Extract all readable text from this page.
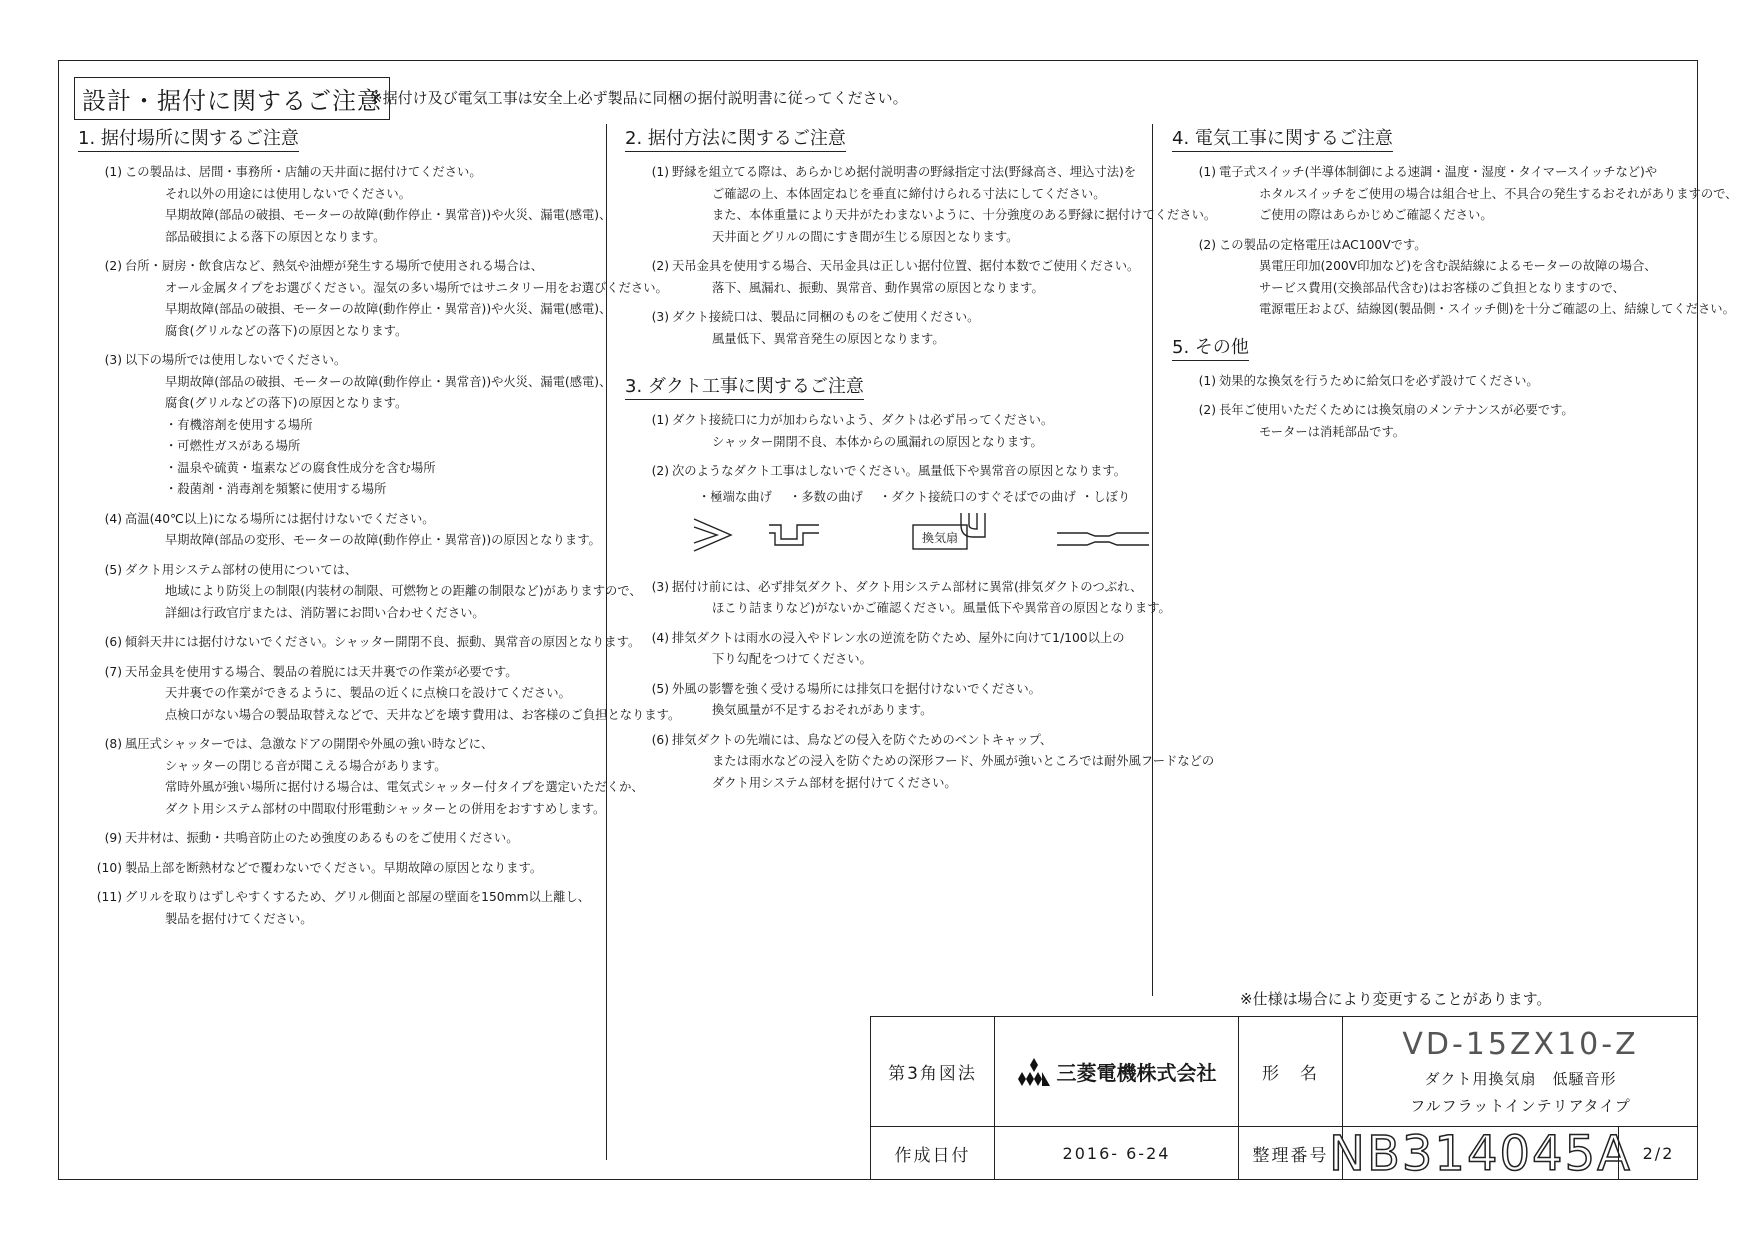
設計・据付に関するご注意
※据付け及び電気工事は安全上必ず製品に同梱の据付説明書に従ってください。
1. 据付場所に関するご注意
(1) この製品は、居間・事務所・店舗の天井面に据付けてください。
それ以外の用途には使用しないでください。
早期故障(部品の破損、モーターの故障(動作停止・異常音))や火災、漏電(感電)、
部品破損による落下の原因となります。
(2) 台所・厨房・飲食店など、熱気や油煙が発生する場所で使用される場合は、
オール金属タイプをお選びください。湿気の多い場所ではサニタリー用をお選びください。
早期故障(部品の破損、モーターの故障(動作停止・異常音))や火災、漏電(感電)、
腐食(グリルなどの落下)の原因となります。
(3) 以下の場所では使用しないでください。
早期故障(部品の破損、モーターの故障(動作停止・異常音))や火災、漏電(感電)、
腐食(グリルなどの落下)の原因となります。
・有機溶剤を使用する場所
・可燃性ガスがある場所
・温泉や硫黄・塩素などの腐食性成分を含む場所
・殺菌剤・消毒剤を頻繁に使用する場所
(4) 高温(40℃以上)になる場所には据付けないでください。
早期故障(部品の変形、モーターの故障(動作停止・異常音))の原因となります。
(5) ダクト用システム部材の使用については、
地域により防災上の制限(内装材の制限、可燃物との距離の制限など)がありますので、
詳細は行政官庁または、消防署にお問い合わせください。
(6) 傾斜天井には据付けないでください。シャッター開閉不良、振動、異常音の原因となります。
(7) 天吊金具を使用する場合、製品の着脱には天井裏での作業が必要です。
天井裏での作業ができるように、製品の近くに点検口を設けてください。
点検口がない場合の製品取替えなどで、天井などを壊す費用は、お客様のご負担となります。
(8) 風圧式シャッターでは、急激なドアの開閉や外風の強い時などに、
シャッターの閉じる音が聞こえる場合があります。
常時外風が強い場所に据付ける場合は、電気式シャッター付タイプを選定いただくか、
ダクト用システム部材の中間取付形電動シャッターとの併用をおすすめします。
(9) 天井材は、振動・共鳴音防止のため強度のあるものをご使用ください。
(10) 製品上部を断熱材などで覆わないでください。早期故障の原因となります。
(11) グリルを取りはずしやすくするため、グリル側面と部屋の壁面を150mm以上離し、
製品を据付けてください。
2. 据付方法に関するご注意
(1) 野縁を組立てる際は、あらかじめ据付説明書の野縁指定寸法(野縁高さ、埋込寸法)を
ご確認の上、本体固定ねじを垂直に締付けられる寸法にしてください。
また、本体重量により天井がたわまないように、十分強度のある野縁に据付けてください。
天井面とグリルの間にすき間が生じる原因となります。
(2) 天吊金具を使用する場合、天吊金具は正しい据付位置、据付本数でご使用ください。
落下、風漏れ、振動、異常音、動作異常の原因となります。
(3) ダクト接続口は、製品に同梱のものをご使用ください。
風量低下、異常音発生の原因となります。
3. ダクト工事に関するご注意
(1) ダクト接続口に力が加わらないよう、ダクトは必ず吊ってください。
シャッター開閉不良、本体からの風漏れの原因となります。
(2) 次のようなダクト工事はしないでください。風量低下や異常音の原因となります。
・極端な曲げ ・多数の曲げ ・ダクト接続口のすぐそばでの曲げ ・しぼり
換気扇
(3) 据付け前には、必ず排気ダクト、ダクト用システム部材に異常(排気ダクトのつぶれ、
ほこり詰まりなど)がないかご確認ください。風量低下や異常音の原因となります。
(4) 排気ダクトは雨水の浸入やドレン水の逆流を防ぐため、屋外に向けて1/100以上の
下り勾配をつけてください。
(5) 外風の影響を強く受ける場所には排気口を据付けないでください。
換気風量が不足するおそれがあります。
(6) 排気ダクトの先端には、鳥などの侵入を防ぐためのベントキャップ、
または雨水などの浸入を防ぐための深形フード、外風が強いところでは耐外風フードなどの
ダクト用システム部材を据付けてください。
4. 電気工事に関するご注意
(1) 電子式スイッチ(半導体制御による速調・温度・湿度・タイマースイッチなど)や
ホタルスイッチをご使用の場合は組合せ上、不具合の発生するおそれがありますので、
ご使用の際はあらかじめご確認ください。
(2) この製品の定格電圧はAC100Vです。
異電圧印加(200V印加など)を含む誤結線によるモーターの故障の場合、
サービス費用(交換部品代含む)はお客様のご負担となりますので、
電源電圧および、結線図(製品側・スイッチ側)を十分ご確認の上、結線してください。
5. その他
(1) 効果的な換気を行うために給気口を必ず設けてください。
(2) 長年ご使用いただくためには換気扇のメンテナンスが必要です。
モーターは消耗部品です。
※仕様は場合により変更することがあります。
第3角図法	三菱電機株式会社	形　名
VD-15ZX10-Z
ダクト用換気扇　低騒音形
フルフラットインテリアタイプ
作成日付	2016- 6-24	整理番号 NB314045A 2/2
